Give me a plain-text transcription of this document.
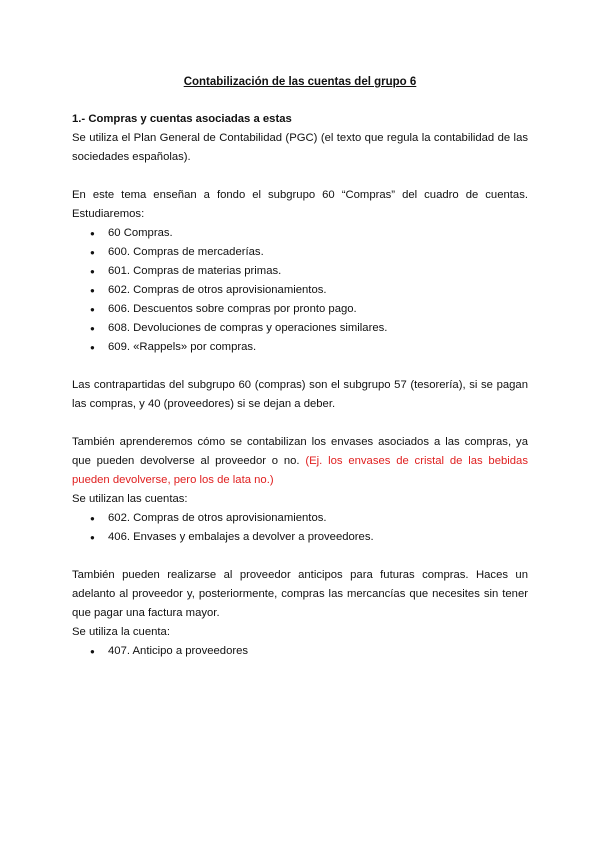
Contabilización de las cuentas del grupo 6
1.- Compras y cuentas asociadas a estas

Se utiliza el Plan General de Contabilidad (PGC) (el texto que regula la contabilidad de las sociedades españolas).

En este tema enseñan a fondo el subgrupo 60 “Compras” del cuadro de cuentas. Estudiaremos:

● 60 Compras.
● 600. Compras de mercaderías.
● 601. Compras de materias primas.
● 602. Compras de otros aprovisionamientos.
● 606. Descuentos sobre compras por pronto pago.
● 608. Devoluciones de compras y operaciones similares.
● 609. «Rappels» por compras.

Las contrapartidas del subgrupo 60 (compras) son el subgrupo 57 (tesorería), si se pagan las compras, y 40 (proveedores) si se dejan a deber.

También aprenderemos cómo se contabilizan los envases asociados a las compras, ya que pueden devolverse al proveedor o no. (Ej. los envases de cristal de las bebidas pueden devolverse, pero los de lata no.)

Se utilizan las cuentas:

● 602. Compras de otros aprovisionamientos.
● 406. Envases y embalajes a devolver a proveedores.

También pueden realizarse al proveedor anticipos para futuras compras. Haces un adelanto al proveedor y, posteriormente, compras las mercancías que necesites sin tener que pagar una factura mayor.

Se utiliza la cuenta:

● 407. Anticipo a proveedores
